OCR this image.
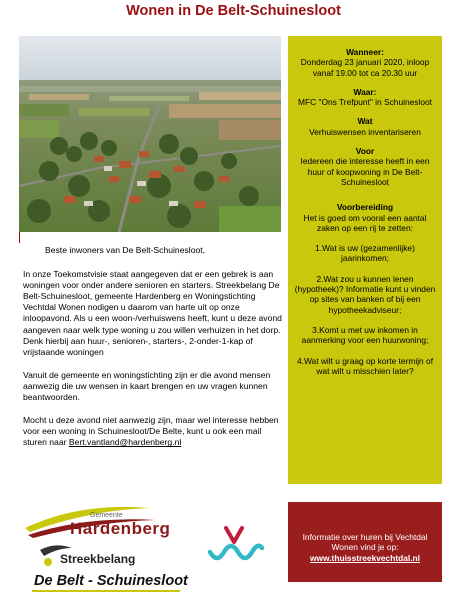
Wonen in De Belt-Schuinesloot

Beste inwoners van De Belt-Schuinesloot,

In onze Toekomstvisie staat aangegeven dat er een gebrek is aan woningen voor onder andere senioren en starters. Streekbelang De Belt-Schuinesloot, gemeente Hardenberg en Woningstichting Vechtdal Wonen nodigen u daarom van harte uit op onze inloopavond. Als u een woon-/verhuiswens heeft, kunt u deze avond aangeven naar welk type woning u zou willen verhuizen in het dorp. Denk hierbij aan huur-, senioren-, starters-, 2-onder-1-kap of vrijstaande woningen

Vanuit de gemeente en woningstichting zijn er die avond mensen aanwezig die uw wensen in kaart brengen en uw vragen kunnen beantwoorden.

Mocht u deze avond niet aanwezig zijn, maar wel interesse hebben voor een woning in Schuinesloot/De Belte, kunt u ook een mail sturen naar Bert.vantland@hardenberg.nl

Wanneer:
Donderdag 23 januari 2020, inloop vanaf 19.00 tot ca 20.30 uur
Waar:
MFC "Ons Trefpunt" in Schuinesloot
Wat
Verhuiswensen inventariseren
Voor
Iedereen die interesse heeft in een huur of koopwoning in De Belt-Schuinesloot
Voorbereiding
Het is goed om vooral een aantal zaken op een rij te zetten:
1.Wat is uw (gezamenlijke) jaarinkomen;
2.Wat zou u kunnen lenen (hypotheek)? Informatie kunt u vinden op sites van banken of bij een hypotheekadviseur;
3.Komt u met uw inkomen in aanmerking voor een huurwoning;
4.Wat wilt u graag op korte termijn of wat wilt u misschien later?
Informatie over huren bij Vechtdal Wonen vind je op:
www.thuisstreekvechtdal.nl
Gemeente
Hardenberg
Streekbelang
De Belt - Schuinesloot
